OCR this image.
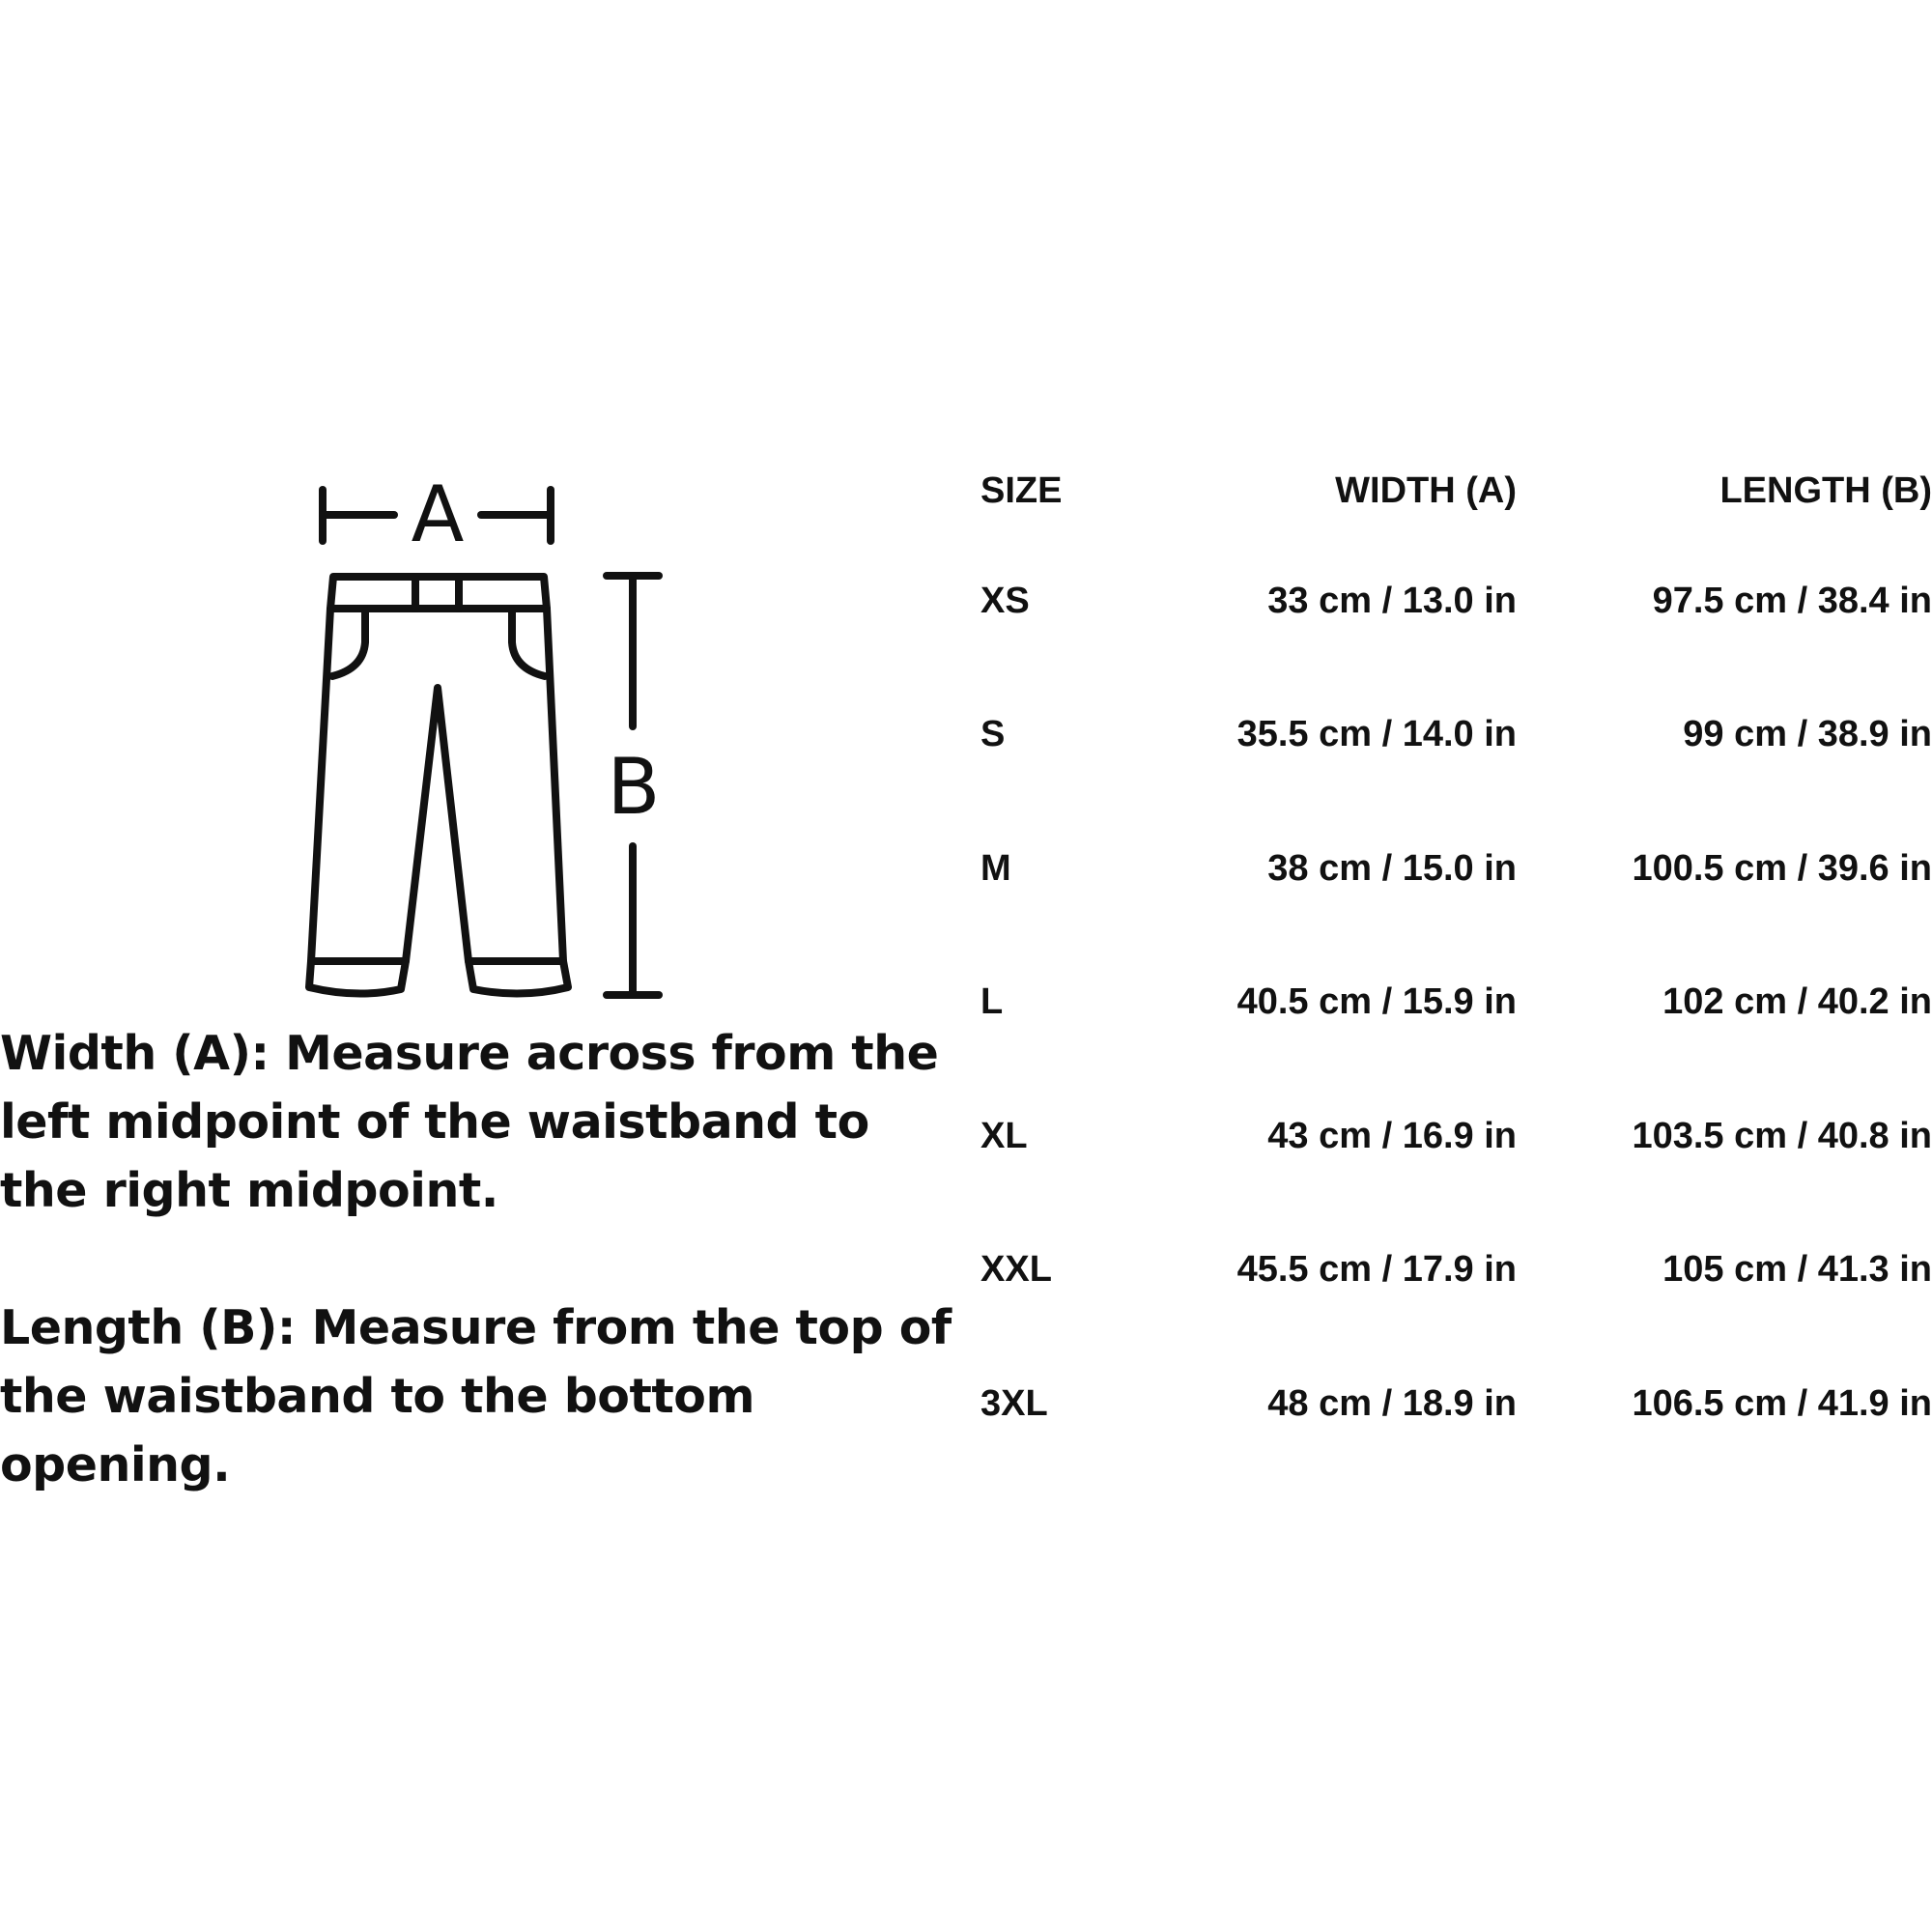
A
B

Width (A): Measure across from the left midpoint of the waistband to the right midpoint.

Length (B): Measure from the top of the waistband to the bottom opening.

SIZE	WIDTH (A)	LENGTH (B)
XS	33 cm / 13.0 in	97.5 cm / 38.4 in
S	35.5 cm / 14.0 in	99 cm / 38.9 in
M	38 cm / 15.0 in	100.5 cm / 39.6 in
L	40.5 cm / 15.9 in	102 cm / 40.2 in
XL	43 cm / 16.9 in	103.5 cm / 40.8 in
XXL	45.5 cm / 17.9 in	105 cm / 41.3 in
3XL	48 cm / 18.9 in	106.5 cm / 41.9 in
